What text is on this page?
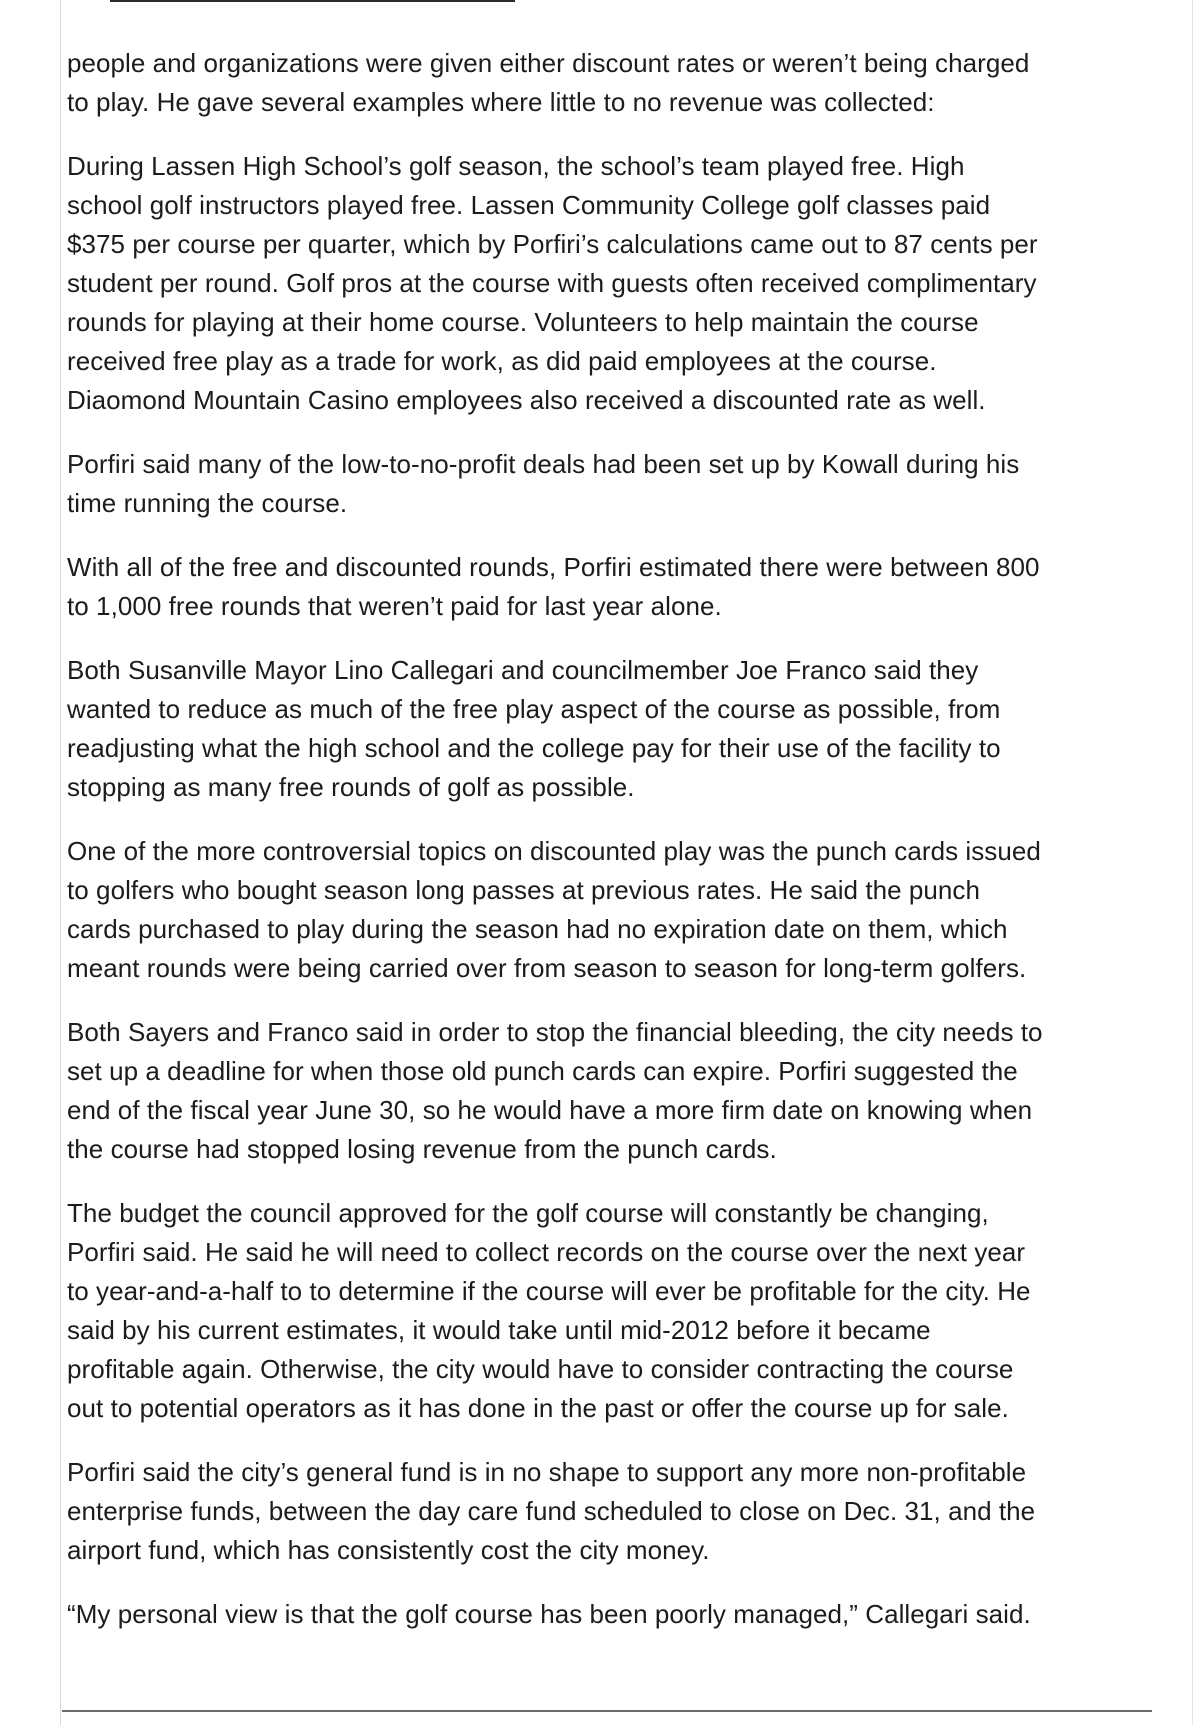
people and organizations were given either discount rates or weren’t being charged
to play. He gave several examples where little to no revenue was collected:

During Lassen High School’s golf season, the school’s team played free. High
school golf instructors played free. Lassen Community College golf classes paid
$375 per course per quarter, which by Porfiri’s calculations came out to 87 cents per
student per round. Golf pros at the course with guests often received complimentary
rounds for playing at their home course. Volunteers to help maintain the course
received free play as a trade for work, as did paid employees at the course.
Diaomond Mountain Casino employees also received a discounted rate as well.

Porfiri said many of the low-to-no-profit deals had been set up by Kowall during his
time running the course.

With all of the free and discounted rounds, Porfiri estimated there were between 800
to 1,000 free rounds that weren’t paid for last year alone.

Both Susanville Mayor Lino Callegari and councilmember Joe Franco said they
wanted to reduce as much of the free play aspect of the course as possible, from
readjusting what the high school and the college pay for their use of the facility to
stopping as many free rounds of golf as possible.

One of the more controversial topics on discounted play was the punch cards issued
to golfers who bought season long passes at previous rates. He said the punch
cards purchased to play during the season had no expiration date on them, which
meant rounds were being carried over from season to season for long-term golfers.

Both Sayers and Franco said in order to stop the financial bleeding, the city needs to
set up a deadline for when those old punch cards can expire. Porfiri suggested the
end of the fiscal year June 30, so he would have a more firm date on knowing when
the course had stopped losing revenue from the punch cards.

The budget the council approved for the golf course will constantly be changing,
Porfiri said. He said he will need to collect records on the course over the next year
to year-and-a-half to to determine if the course will ever be profitable for the city. He
said by his current estimates, it would take until mid-2012 before it became
profitable again. Otherwise, the city would have to consider contracting the course
out to potential operators as it has done in the past or offer the course up for sale.

Porfiri said the city’s general fund is in no shape to support any more non-profitable
enterprise funds, between the day care fund scheduled to close on Dec. 31, and the
airport fund, which has consistently cost the city money.

“My personal view is that the golf course has been poorly managed,” Callegari said.
